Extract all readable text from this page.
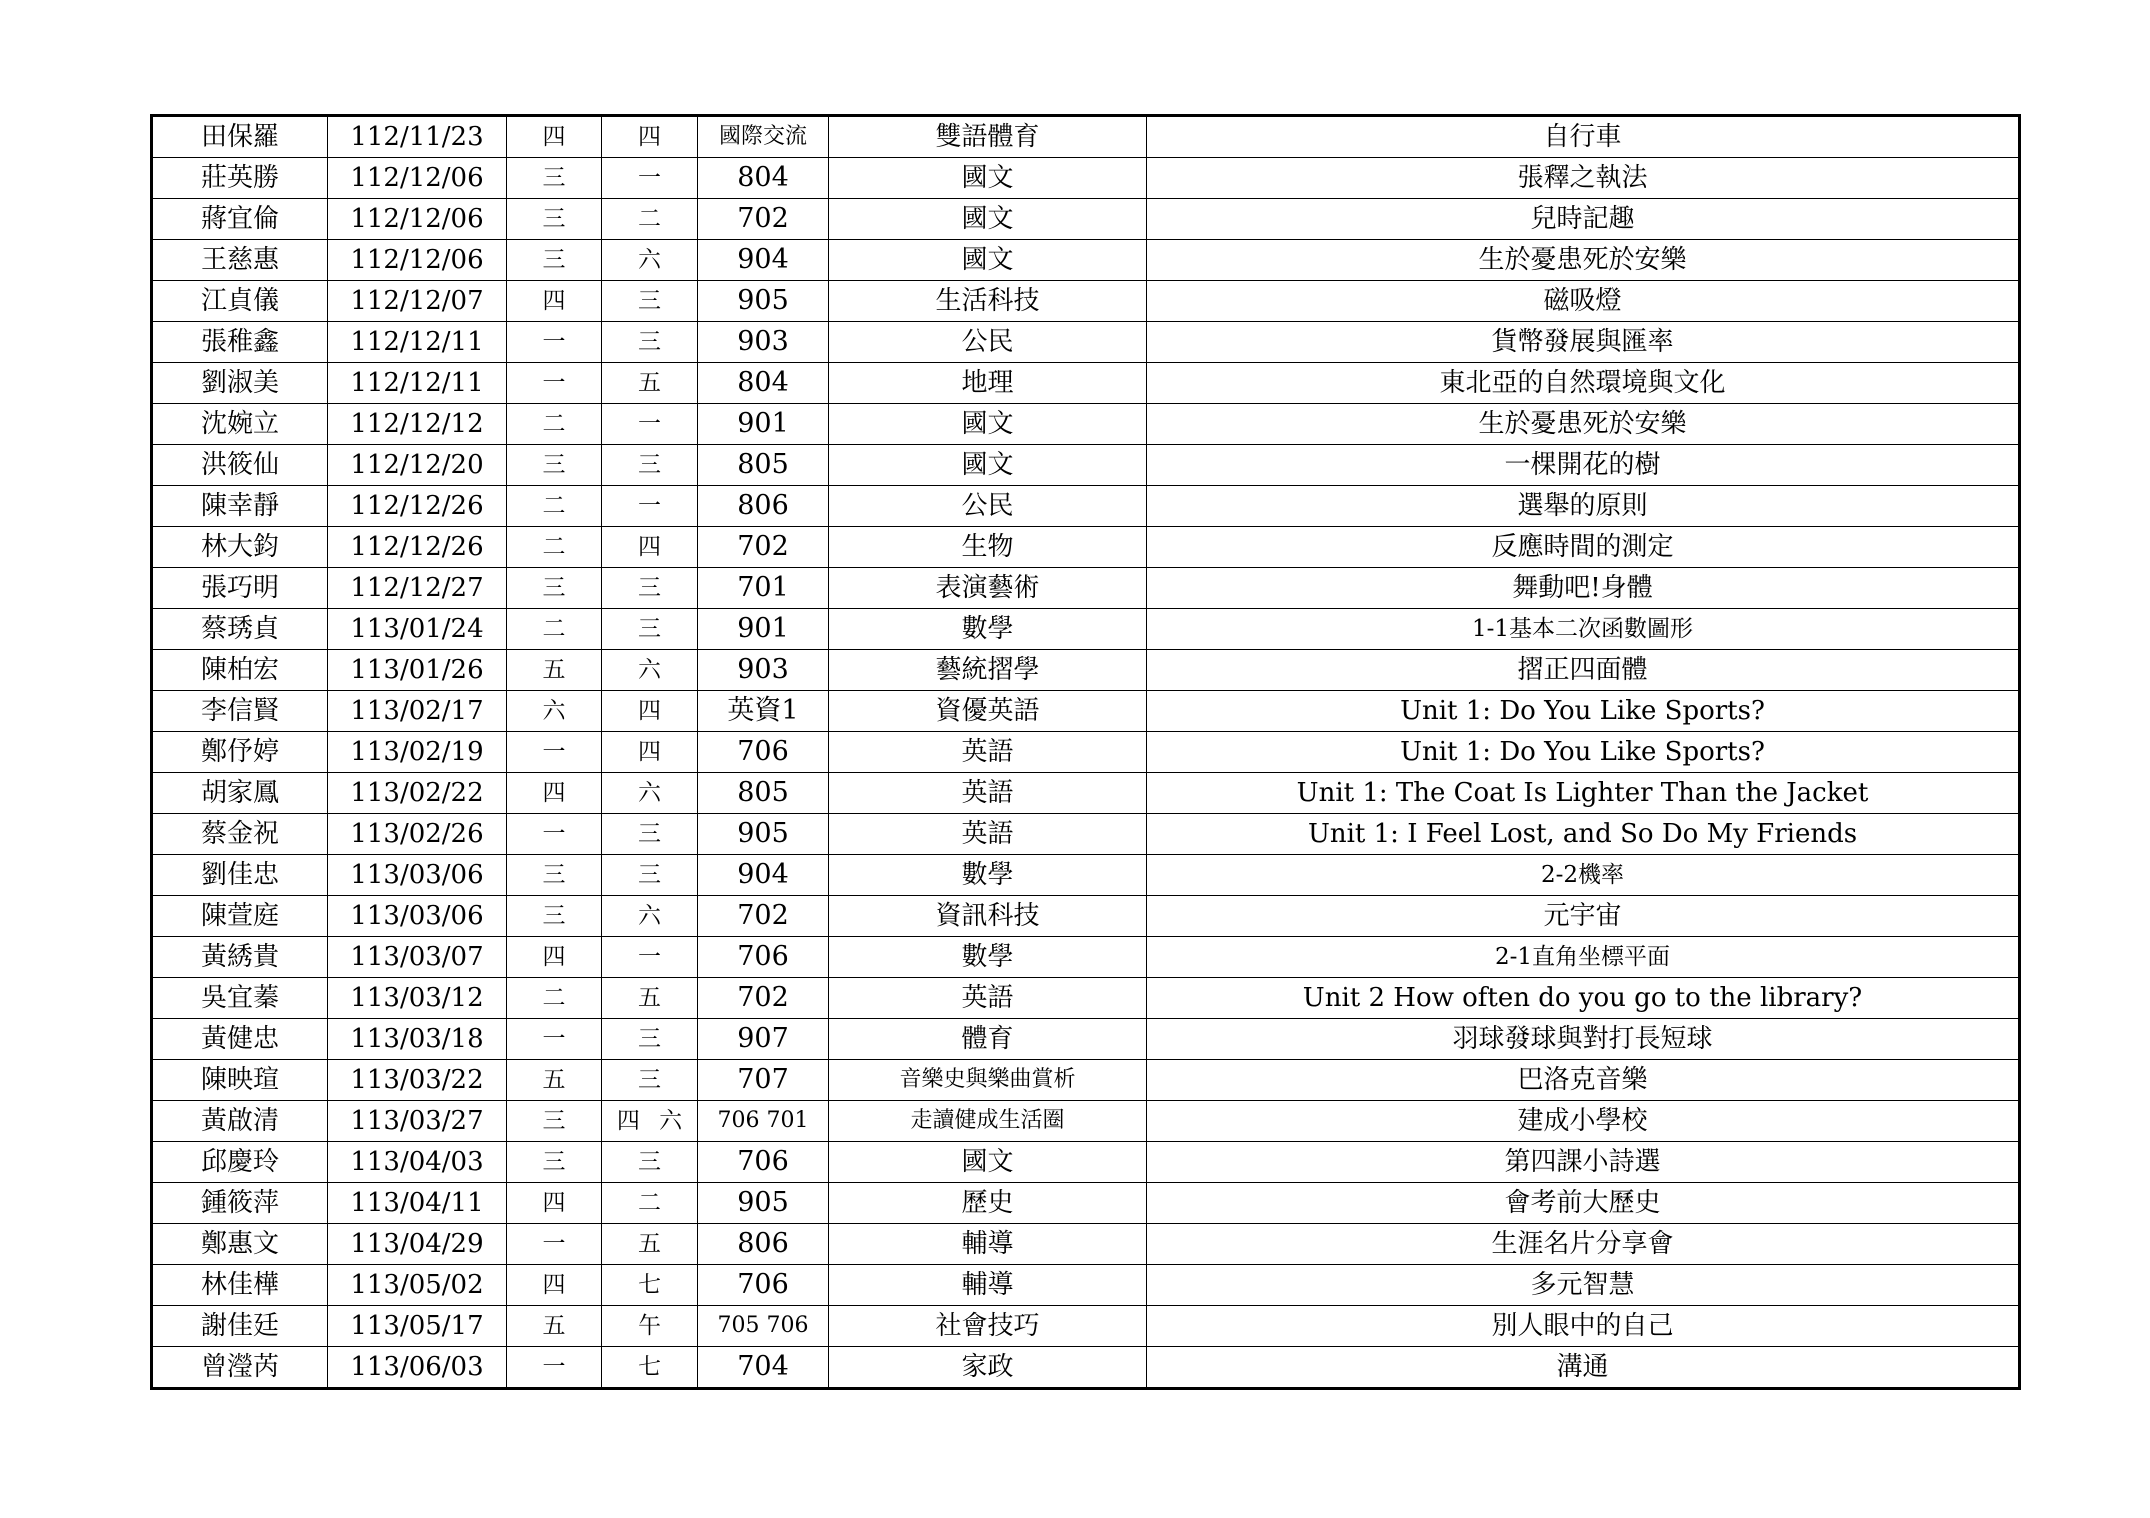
田保羅	112/11/23	四	四	國際交流	雙語體育	自行車
莊英勝	112/12/06	三	一	804	國文	張釋之執法
蔣宜倫	112/12/06	三	二	702	國文	兒時記趣
王慈惠	112/12/06	三	六	904	國文	生於憂患死於安樂
江貞儀	112/12/07	四	三	905	生活科技	磁吸燈
張稚鑫	112/12/11	一	三	903	公民	貨幣發展與匯率
劉淑美	112/12/11	一	五	804	地理	東北亞的自然環境與文化
沈婉立	112/12/12	二	一	901	國文	生於憂患死於安樂
洪筱仙	112/12/20	三	三	805	國文	一棵開花的樹
陳幸靜	112/12/26	二	一	806	公民	選舉的原則
林大鈞	112/12/26	二	四	702	生物	反應時間的測定
張巧明	112/12/27	三	三	701	表演藝術	舞動吧!身體
蔡琇貞	113/01/24	二	三	901	數學	1-1基本二次函數圖形
陳柏宏	113/01/26	五	六	903	藝統摺學	摺正四面體
李信賢	113/02/17	六	四	英資1	資優英語	Unit 1: Do You Like Sports?
鄭伃婷	113/02/19	一	四	706	英語	Unit 1: Do You Like Sports?
胡家鳳	113/02/22	四	六	805	英語	Unit 1: The Coat Is Lighter Than the Jacket
蔡金祝	113/02/26	一	三	905	英語	Unit 1: I Feel Lost, and So Do My Friends
劉佳忠	113/03/06	三	三	904	數學	2-2機率
陳萱庭	113/03/06	三	六	702	資訊科技	元宇宙
黃綉貴	113/03/07	四	一	706	數學	2-1直角坐標平面
吳宜蓁	113/03/12	二	五	702	英語	Unit 2 How often do you go to the library?
黃健忠	113/03/18	一	三	907	體育	羽球發球與對打長短球
陳映瑄	113/03/22	五	三	707	音樂史與樂曲賞析	巴洛克音樂
黃啟清	113/03/27	三	四 六	706 701	走讀健成生活圈	建成小學校
邱慶玲	113/04/03	三	三	706	國文	第四課小詩選
鍾筱萍	113/04/11	四	二	905	歷史	會考前大歷史
鄭惠文	113/04/29	一	五	806	輔導	生涯名片分享會
林佳樺	113/05/02	四	七	706	輔導	多元智慧
謝佳廷	113/05/17	五	午	705 706	社會技巧	別人眼中的自己
曾瀅芮	113/06/03	一	七	704	家政	溝通
